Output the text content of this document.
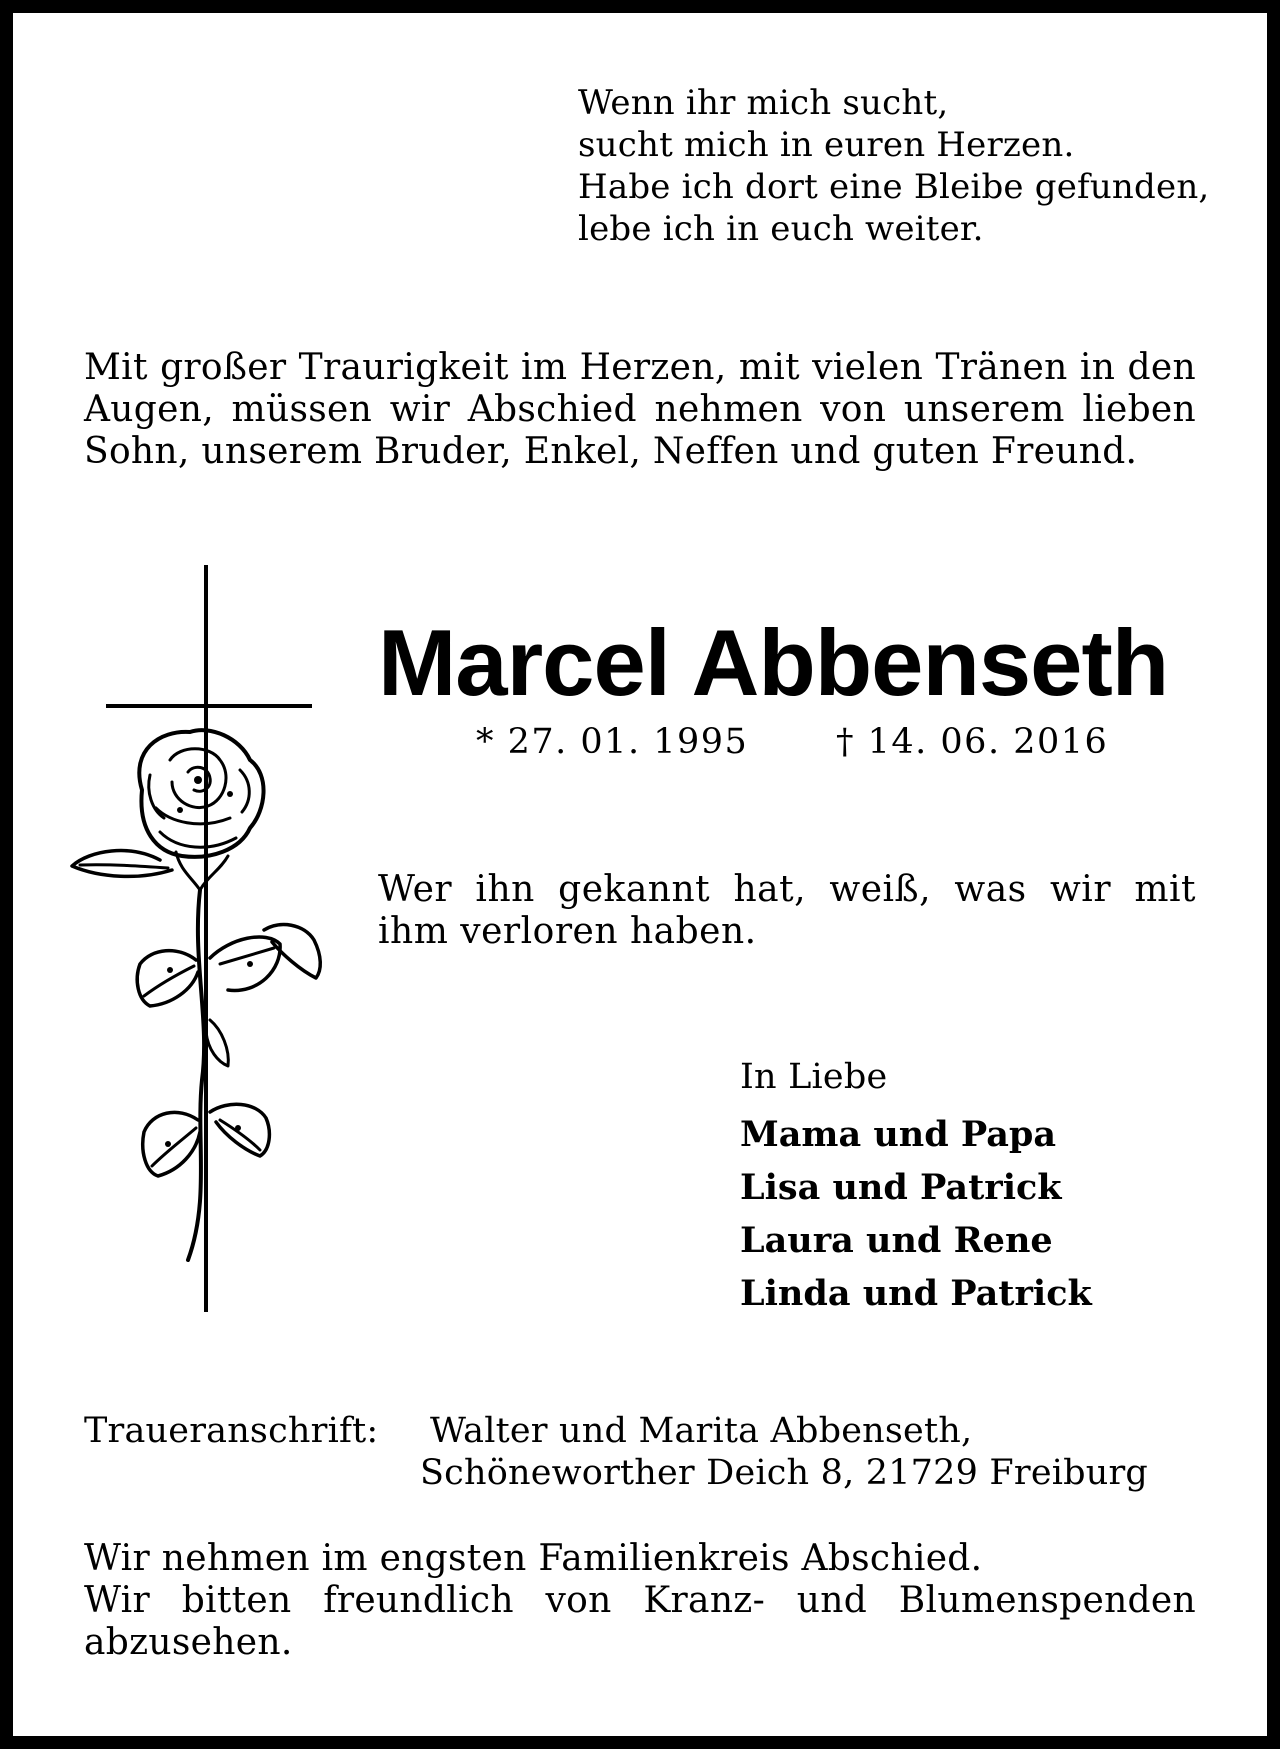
Wenn ihr mich sucht,
sucht mich in euren Herzen.
Habe ich dort eine Bleibe gefunden,
lebe ich in euch weiter.
Mit großer Traurigkeit im Herzen, mit vielen Tränen in den Augen, müssen wir Abschied nehmen von unserem lieben Sohn, unserem Bruder, Enkel, Neffen und guten Freund.
Marcel Abbenseth
* 27. 01. 1995	† 14. 06. 2016
Wer ihn gekannt hat, weiß, was wir mit ihm verloren haben.
In Liebe
Mama und Papa
Lisa und Patrick
Laura und Rene
Linda und Patrick
Traueranschrift: Walter und Marita Abbenseth,
Schöneworther Deich 8, 21729 Freiburg
Wir nehmen im engsten Familienkreis Abschied.
Wir bitten freundlich von Kranz- und Blumenspenden
abzusehen.
